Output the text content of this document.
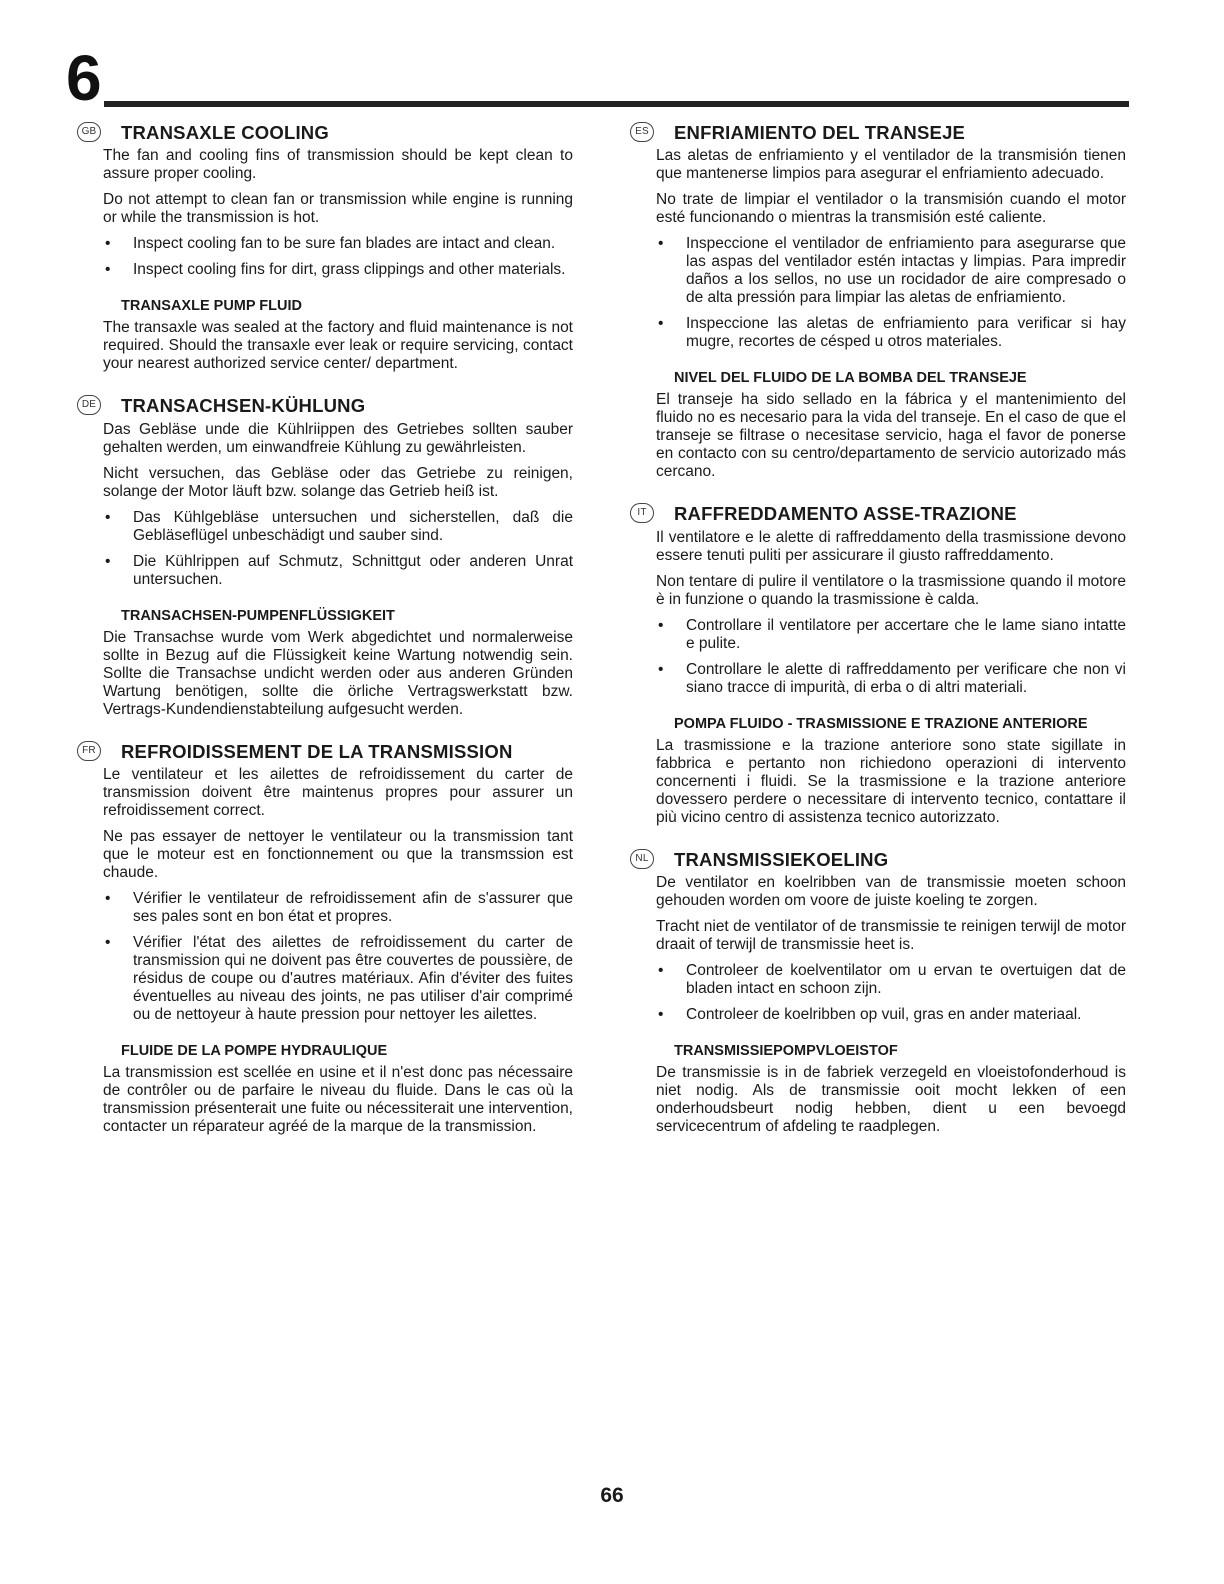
6
GB TRANSAXLE COOLING

The fan and cooling fins of transmission should be kept clean to assure proper cooling.

Do not attempt to clean fan or transmission while engine is running or while the transmission is hot.

• Inspect cooling fan to be sure fan blades are intact and clean.
• Inspect cooling fins for dirt, grass clippings and other materials.
TRANSAXLE PUMP FLUID

The transaxle was sealed at the factory and fluid maintenance is not required. Should the transaxle ever leak or require servicing, contact your nearest authorized service center/ department.

DE TRANSACHSEN-KÜHLUNG

Das Gebläse unde die Kühlriippen des Getriebes sollten sauber gehalten werden, um einwandfreie Kühlung zu gewährleisten.

Nicht versuchen, das Gebläse oder das Getriebe zu reinigen, solange der Motor läuft bzw. solange das Getrieb heiß ist.

• Das Kühlgebläse untersuchen und sicherstellen, daß die Gebläseflügel unbeschädigt und sauber sind.
• Die Kühlrippen auf Schmutz, Schnittgut oder anderen Unrat untersuchen.
TRANSACHSEN-PUMPENFLÜSSIGKEIT

Die Transachse wurde vom Werk abgedichtet und normalerweise sollte in Bezug auf die Flüssigkeit keine Wartung notwendig sein. Sollte die Transachse undicht werden oder aus anderen Gründen Wartung benötigen, sollte die örliche Vertragswerkstatt bzw. Vertrags-Kundendienstabteilung aufgesucht werden.

FR REFROIDISSEMENT DE LA TRANSMISSION

Le ventilateur et les ailettes de refroidissement du carter de transmission doivent être maintenus propres pour assurer un refroidissement correct.

Ne pas essayer de nettoyer le ventilateur ou la transmission tant que le moteur est en fonctionnement ou que la transmssion est chaude.

• Vérifier le ventilateur de refroidissement afin de s'assurer que ses pales sont en bon état et propres.
• Vérifier l'état des ailettes de refroidissement du carter de transmission qui ne doivent pas être couvertes de poussière, de résidus de coupe ou d'autres matériaux. Afin d'éviter des fuites éventuelles au niveau des joints, ne pas utiliser d'air comprimé ou de nettoyeur à haute pression pour nettoyer les ailettes.
FLUIDE DE LA POMPE HYDRAULIQUE

La transmission est scellée en usine et il n'est donc pas nécessaire de contrôler ou de parfaire le niveau du fluide. Dans le cas où la transmission présenterait une fuite ou nécessiterait une intervention, contacter un réparateur agréé de la marque de la transmission.

ES ENFRIAMIENTO DEL TRANSEJE

Las aletas de enfriamiento y el ventilador de la transmisión tienen que mantenerse limpios para asegurar el enfriamiento adecuado.

No trate de limpiar el ventilador o la transmisión cuando el motor esté funcionando o mientras la transmisión esté caliente.

• Inspeccione el ventilador de enfriamiento para asegurarse que las aspas del ventilador estén intactas y limpias. Para impredir daños a los sellos, no use un rocidador de aire compresado o de alta pressión para limpiar las aletas de enfriamiento.
• Inspeccione las aletas de enfriamiento para verificar si hay mugre, recortes de césped u otros materiales.
NIVEL DEL FLUIDO DE LA BOMBA DEL TRANSEJE

El transeje ha sido sellado en la fábrica y el mantenimiento del fluido no es necesario para la vida del transeje. En el caso de que el transeje se filtrase o necesitase servicio, haga el favor de ponerse en contacto con su centro/departamento de servicio autorizado más cercano.

IT	RAFFREDDAMENTO ASSE-TRAZIONE

Il ventilatore e le alette di raffreddamento della trasmissione devono essere tenuti puliti per assicurare il giusto raffreddamento.

Non tentare di pulire il ventilatore o la trasmissione quando il motore è in funzione o quando la trasmissione è calda.

• Controllare il ventilatore per accertare che le lame siano intatte e pulite.
• Controllare le alette di raffreddamento per verificare che non vi siano tracce di impurità, di erba o di altri materiali.
POMPA FLUIDO - TRASMISSIONE E TRAZIONE ANTERIORE

La trasmissione e la trazione anteriore sono state sigillate in fabbrica e pertanto non richiedono operazioni di intervento concernenti i fluidi. Se la trasmissione e la trazione anteriore dovessero perdere o necessitare di intervento tecnico, contattare il più vicino centro di assistenza tecnico autorizzato.

NL TRANSMISSIEKOELING

De ventilator en koelribben van de transmissie moeten schoon gehouden worden om voore de juiste koeling te zorgen.

Tracht niet de ventilator of de transmissie te reinigen terwijl de motor draait of terwijl de transmissie heet is.

• Controleer de koelventilator om u ervan te overtuigen dat de bladen intact en schoon zijn.
• Controleer de koelribben op vuil, gras en ander materiaal.
TRANSMISSIEPOMPVLOEISTOF

De transmissie is in de fabriek verzegeld en vloeistofonderhoud is niet nodig. Als de transmissie ooit mocht lekken of een onderhoudsbeurt nodig hebben, dient u een bevoegd servicecentrum of afdeling te raadplegen.

66
